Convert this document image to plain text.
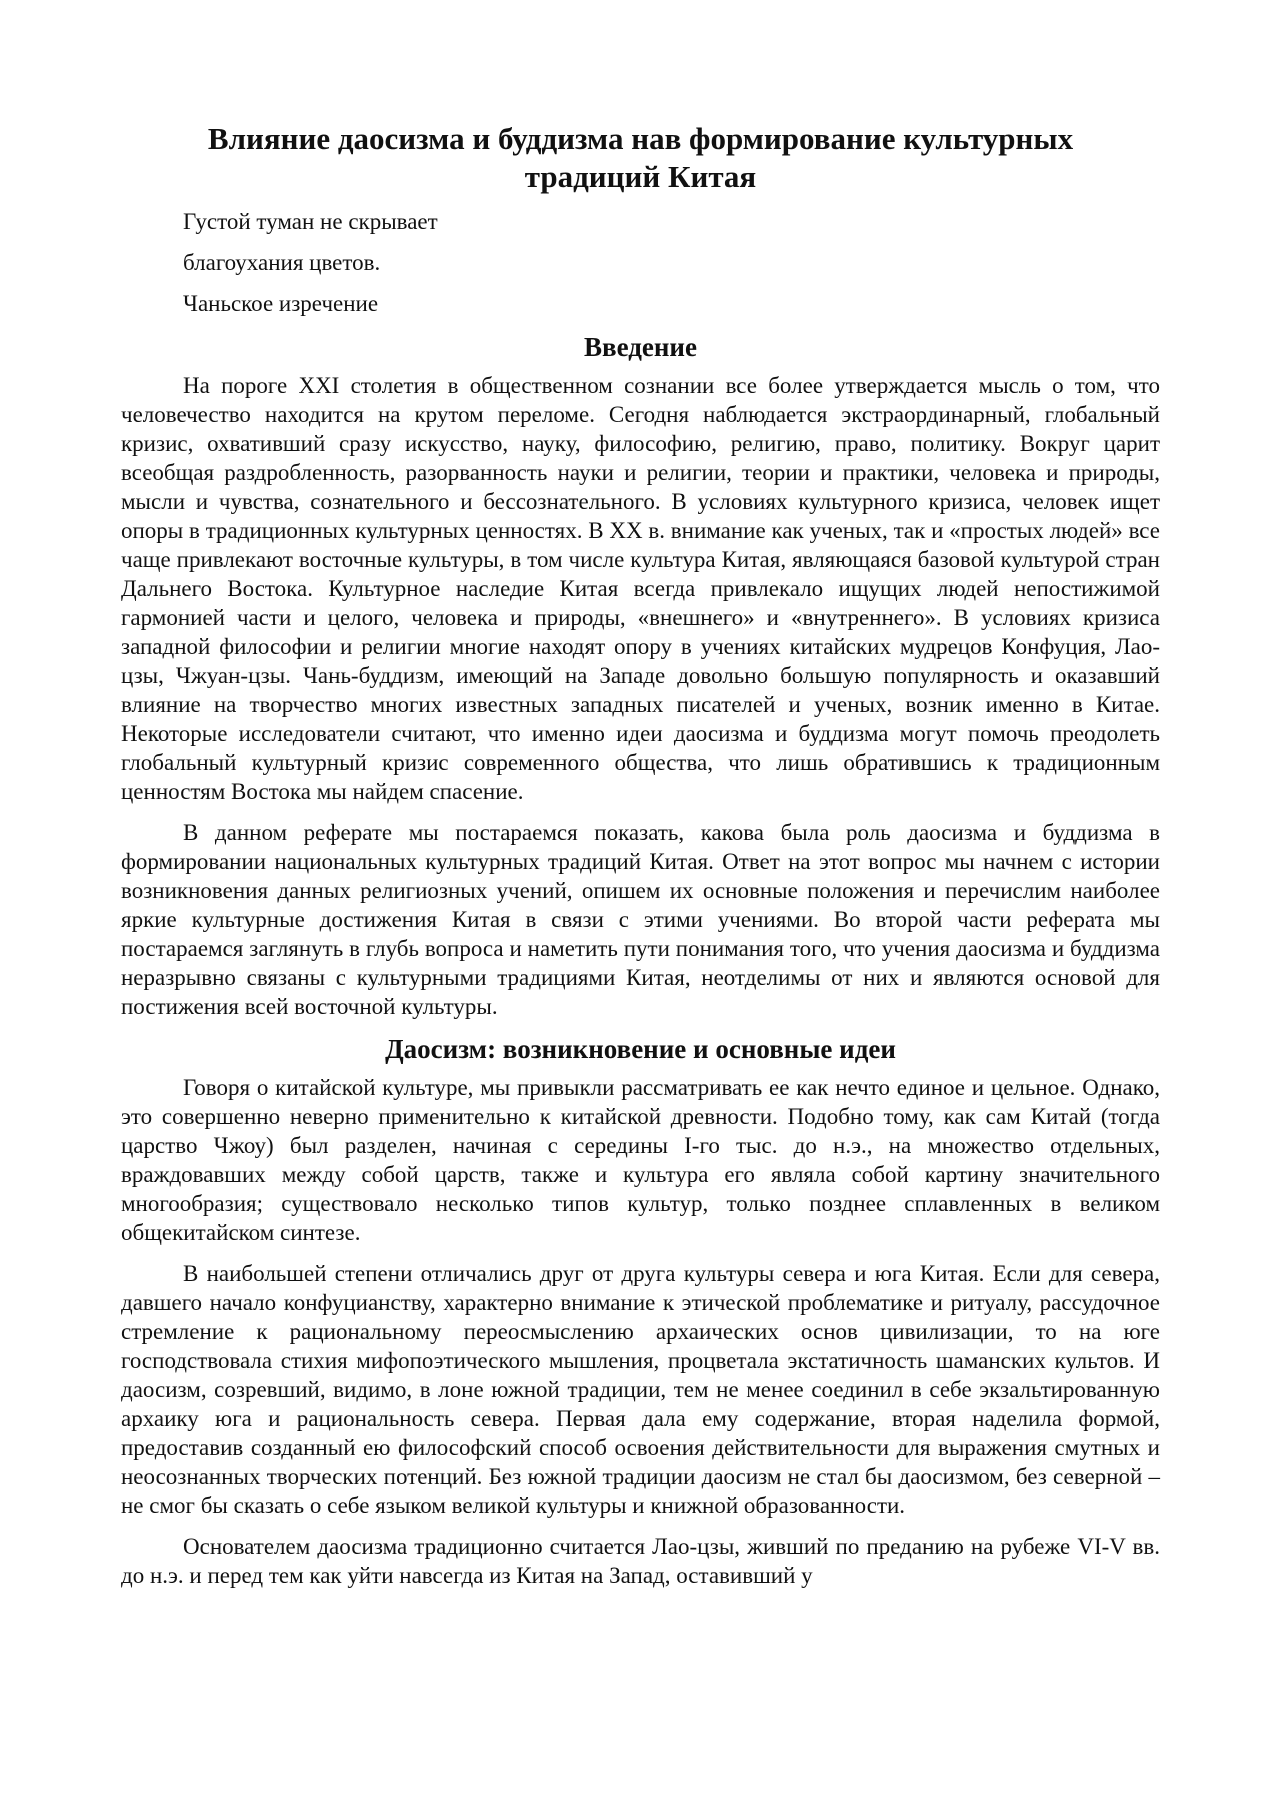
Влияние даосизма и буддизма нав формирование культурных традиций Китая

Густой туман не скрывает

благоухания цветов.

Чаньское изречение

Введение

На пороге XXI столетия в общественном сознании все более утверждается мысль о том, что человечество находится на крутом переломе. Сегодня наблюдается экстраординарный, глобальный кризис, охвативший сразу искусство, науку, философию, религию, право, политику. Вокруг царит всеобщая раздробленность, разорванность науки и религии, теории и практики, человека и природы, мысли и чувства, сознательного и бессознательного. В условиях культурного кризиса, человек ищет опоры в традиционных культурных ценностях. В XX в. внимание как ученых, так и «простых людей» все чаще привлекают восточные культуры, в том числе культура Китая, являющаяся базовой культурой стран Дальнего Востока. Культурное наследие Китая всегда привлекало ищущих людей непостижимой гармонией части и целого, человека и природы, «внешнего» и «внутреннего». В условиях кризиса западной философии и религии многие находят опору в учениях китайских мудрецов Конфуция, Лао-цзы, Чжуан-цзы. Чань-буддизм, имеющий на Западе довольно большую популярность и оказавший влияние на творчество многих известных западных писателей и ученых, возник именно в Китае. Некоторые исследователи считают, что именно идеи даосизма и буддизма могут помочь преодолеть глобальный культурный кризис современного общества, что лишь обратившись к традиционным ценностям Востока мы найдем спасение.

В данном реферате мы постараемся показать, какова была роль даосизма и буддизма в формировании национальных культурных традиций Китая. Ответ на этот вопрос мы начнем с истории возникновения данных религиозных учений, опишем их основные положения и перечислим наиболее яркие культурные достижения Китая в связи с этими учениями. Во второй части реферата мы постараемся заглянуть в глубь вопроса и наметить пути понимания того, что учения даосизма и буддизма неразрывно связаны с культурными традициями Китая, неотделимы от них и являются основой для постижения всей восточной культуры.

Даосизм: возникновение и основные идеи

Говоря о китайской культуре, мы привыкли рассматривать ее как нечто единое и цельное. Однако, это совершенно неверно применительно к китайской древности. Подобно тому, как сам Китай (тогда царство Чжоу) был разделен, начиная с середины I-го тыс. до н.э., на множество отдельных, враждовавших между собой царств, также и культура его являла собой картину значительного многообразия; существовало несколько типов культур, только позднее сплавленных в великом общекитайском синтезе.

В наибольшей степени отличались друг от друга культуры севера и юга Китая. Если для севера, давшего начало конфуцианству, характерно внимание к этической проблематике и ритуалу, рассудочное стремление к рациональному переосмыслению архаических основ цивилизации, то на юге господствовала стихия мифопоэтического мышления, процветала экстатичность шаманских культов. И даосизм, созревший, видимо, в лоне южной традиции, тем не менее соединил в себе экзальтированную архаику юга и рациональность севера. Первая дала ему содержание, вторая наделила формой, предоставив созданный ею философский способ освоения действительности для выражения смутных и неосознанных творческих потенций. Без южной традиции даосизм не стал бы даосизмом, без северной – не смог бы сказать о себе языком великой культуры и книжной образованности.

Основателем даосизма традиционно считается Лао-цзы, живший по преданию на рубеже VI-V вв. до н.э. и перед тем как уйти навсегда из Китая на Запад, оставивший у
